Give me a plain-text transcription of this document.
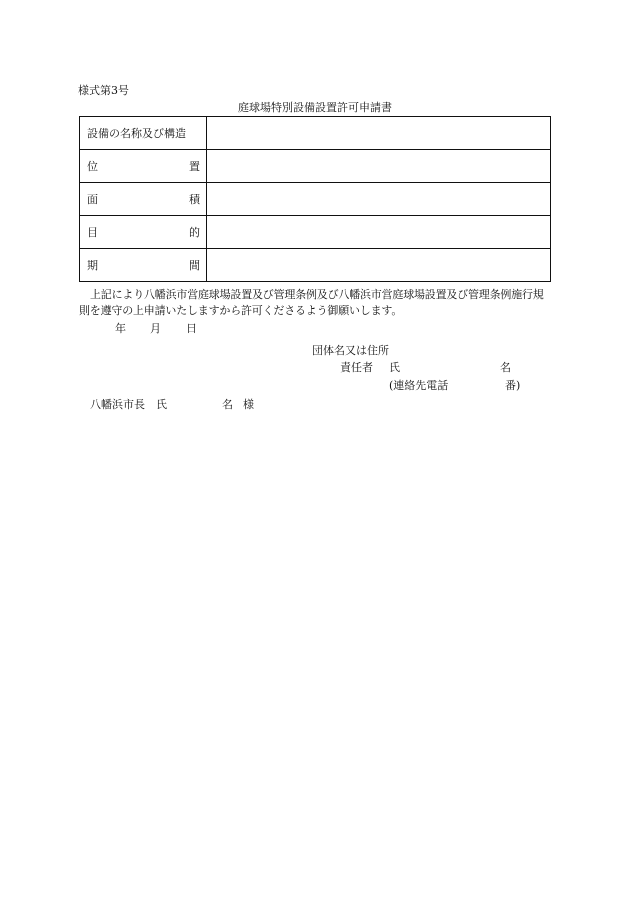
様式第3号
庭球場特別設備設置許可申請書
設備の名称及び構造	

位 置	

面 積	

目 的	

期 間	

上記により八幡浜市営庭球場設置及び管理条例及び八幡浜市営庭球場設置及び管理条例施行規則を遵守の上申請いたしますから許可くださるよう御願いします。
年 月 日
団体名又は住所
責任者 氏	名
(連絡先電話	番)
八幡浜市長　氏	名 様
